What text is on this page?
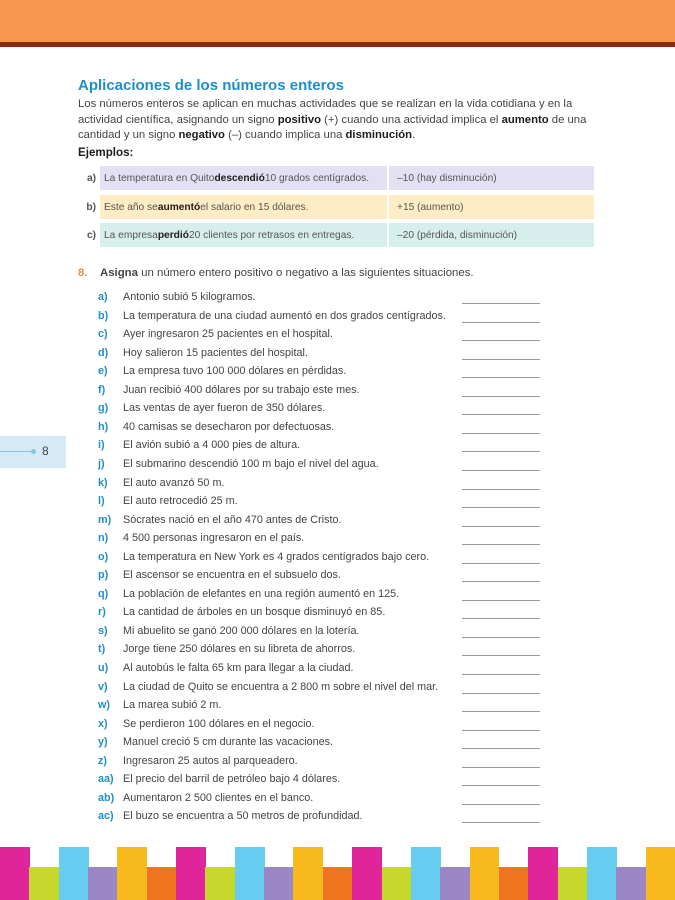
Aplicaciones de los números enteros

Los números enteros se aplican en muchas actividades que se realizan en la vida cotidiana y en la actividad científica, asignando un signo positivo (+) cuando una actividad implica el aumento de una cantidad y un signo negativo (–) cuando implica una disminución.

Ejemplos:
a) La temperatura en Quito descendió 10 grados centígrados.	–10 (hay disminución)
b) Este año se aumentó el salario en 15 dólares.	+15 (aumento)
c) La empresa perdió 20 clientes por retrasos en entregas.	–20 (pérdida, disminución)
8. Asigna un número entero positivo o negativo a las siguientes situaciones.
a)	Antonio subió 5 kilogramos.
b)	La temperatura de una ciudad aumentó en dos grados centígrados.
c)	Ayer ingresaron 25 pacientes en el hospital.
d)	Hoy salieron 15 pacientes del hospital.
e)	La empresa tuvo 100 000 dólares en pérdidas.
f)	Juan recibió 400 dólares por su trabajo este mes.
g)	Las ventas de ayer fueron de 350 dólares.
h)	40 camisas se desecharon por defectuosas.
i)	El avión subió a 4 000 pies de altura.
j)	El submarino descendió 100 m bajo el nivel del agua.
k)	El auto avanzó 50 m.
l)	El auto retrocedió 25 m.
m)	Sócrates nació en el año 470 antes de Cristo.
n)	4 500 personas ingresaron en el país.
o)	La temperatura en New York es 4 grados centígrados bajo cero.
p)	El ascensor se encuentra en el subsuelo dos.
q)	La población de elefantes en una región aumentó en 125.
r)	La cantidad de árboles en un bosque disminuyó en 85.
s)	Mi abuelito se ganó 200 000 dólares en la lotería.
t)	Jorge tiene 250 dólares en su libreta de ahorros.
u)	Al autobús le falta 65 km para llegar a la ciudad.
v)	La ciudad de Quito se encuentra a 2 800 m sobre el nivel del mar.
w)	La marea subió 2 m.
x)	Se perdieron 100 dólares en el negocio.
y)	Manuel creció 5 cm durante las vacaciones.
z)	Ingresaron 25 autos al parqueadero.
aa) El precio del barril de petróleo bajo 4 dólares.
ab) Aumentaron 2 500 clientes en el banco.
ac) El buzo se encuentra a 50 metros de profundidad.
8
